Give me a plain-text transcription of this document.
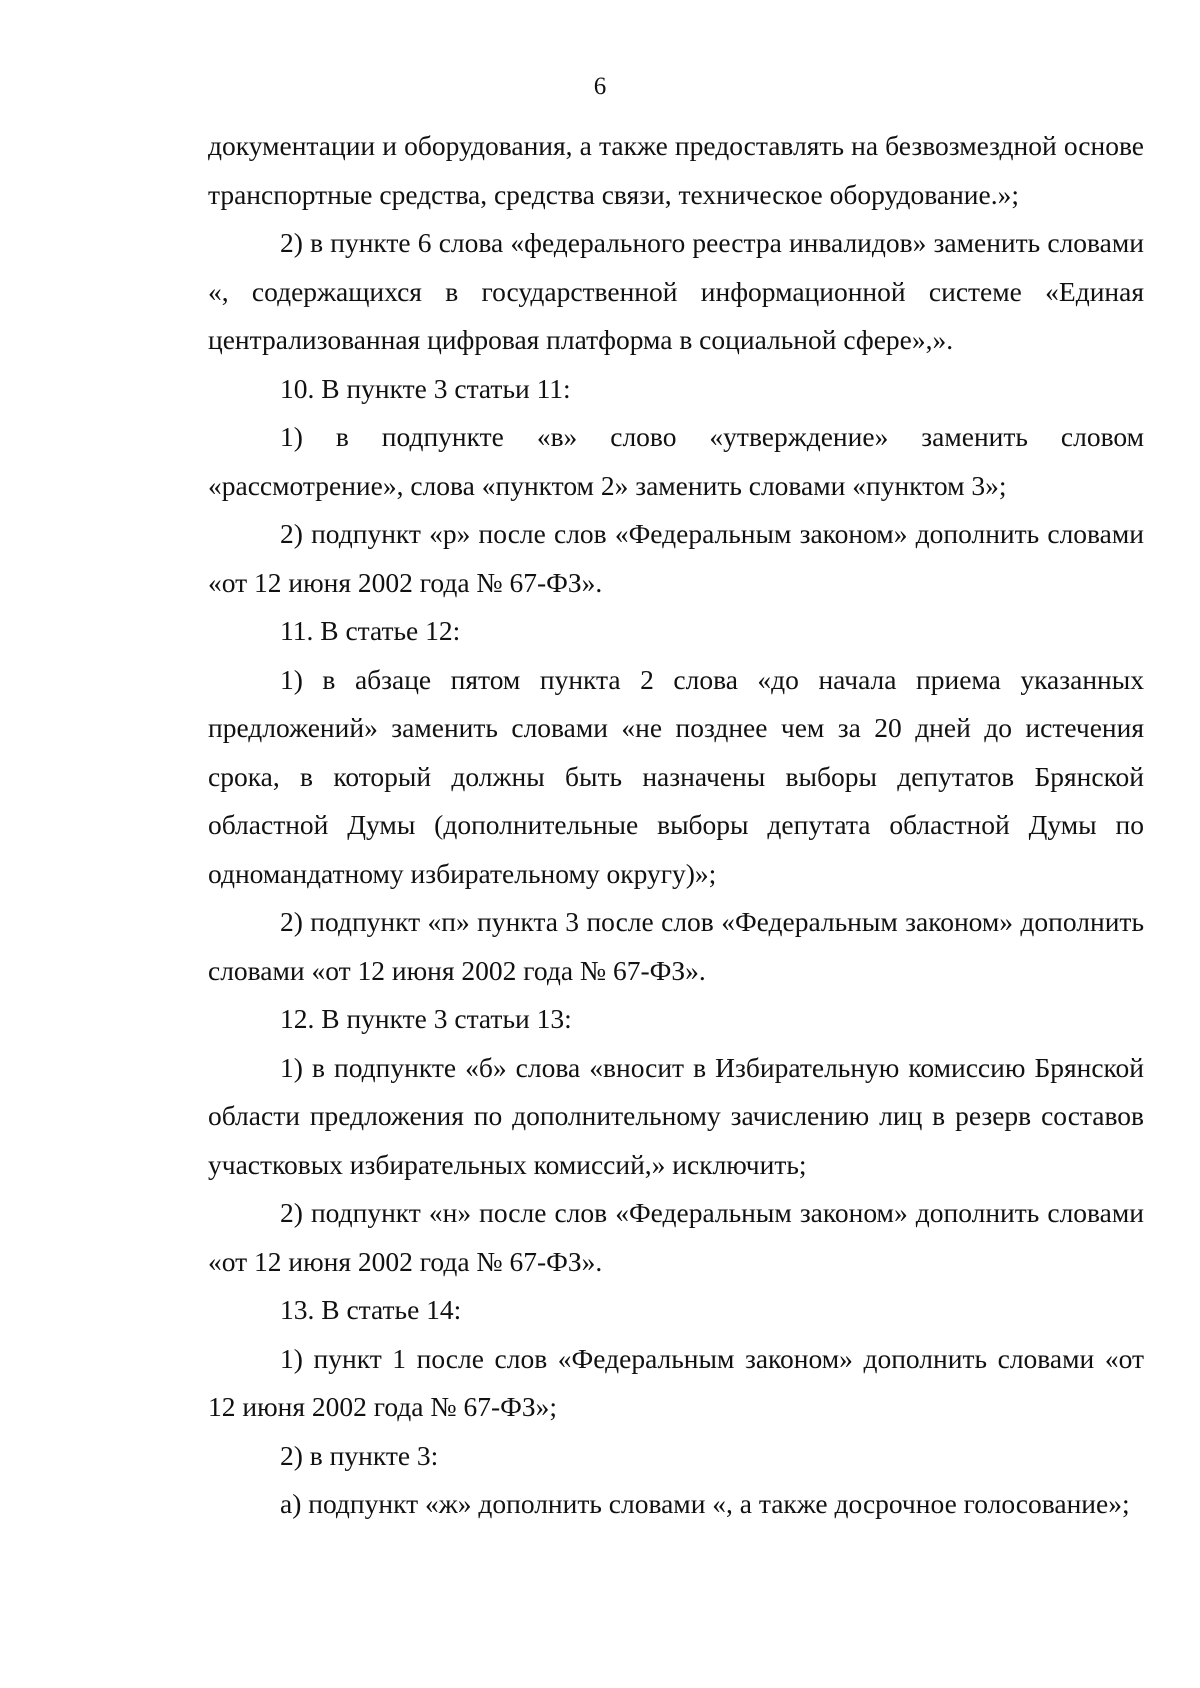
6

документации и оборудования, а также предоставлять на безвозмездной основе транспортные средства, средства связи, техническое оборудование.»;

2) в пункте 6 слова «федерального реестра инвалидов» заменить словами «, содержащихся в государственной информационной системе «Единая централизованная цифровая платформа в социальной сфере»,».

10. В пункте 3 статьи 11:

1) в подпункте «в» слово «утверждение» заменить словом «рассмотрение», слова «пунктом 2» заменить словами «пунктом 3»;

2) подпункт «р» после слов «Федеральным законом» дополнить словами «от 12 июня 2002 года № 67-ФЗ».

11. В статье 12:

1) в абзаце пятом пункта 2 слова «до начала приема указанных предложений» заменить словами «не позднее чем за 20 дней до истечения срока, в который должны быть назначены выборы депутатов Брянской областной Думы (дополнительные выборы депутата областной Думы по одномандатному избирательному округу)»;

2) подпункт «п» пункта 3 после слов «Федеральным законом» дополнить словами «от 12 июня 2002 года № 67-ФЗ».

12. В пункте 3 статьи 13:

1) в подпункте «б» слова «вносит в Избирательную комиссию Брянской области предложения по дополнительному зачислению лиц в резерв составов участковых избирательных комиссий,» исключить;

2) подпункт «н» после слов «Федеральным законом» дополнить словами «от 12 июня 2002 года № 67-ФЗ».

13. В статье 14:

1) пункт 1 после слов «Федеральным законом» дополнить словами «от 12 июня 2002 года № 67-ФЗ»;

2) в пункте 3:

а) подпункт «ж» дополнить словами «, а также досрочное голосование»;
